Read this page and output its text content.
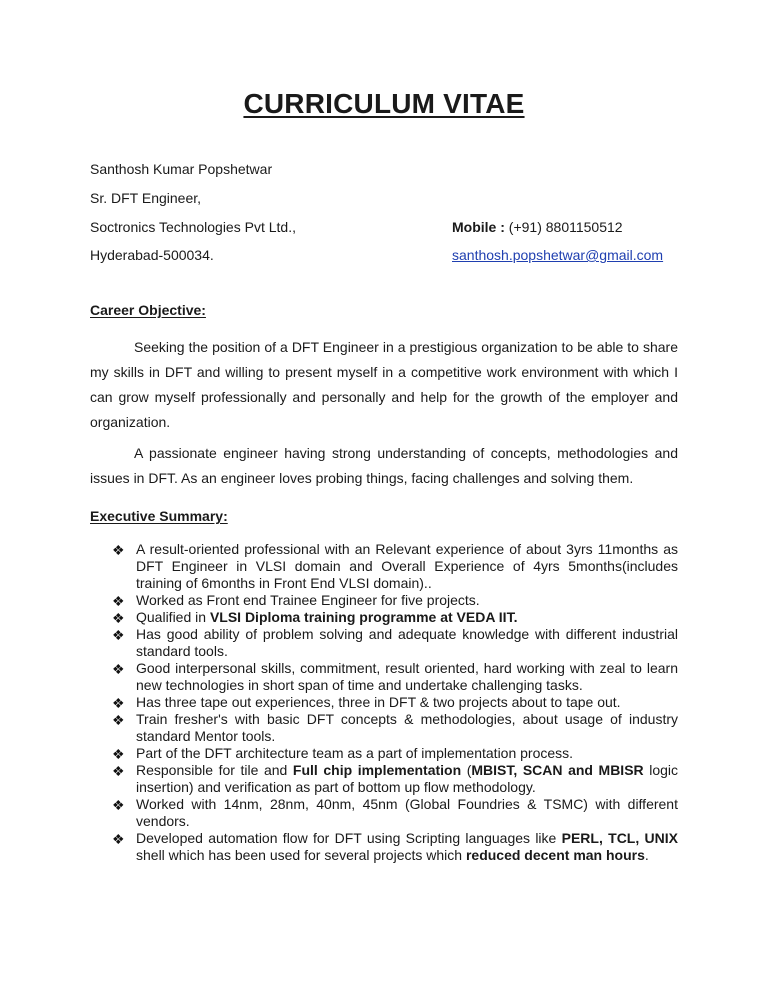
CURRICULUM VITAE
Santhosh Kumar Popshetwar
Sr. DFT Engineer,
Soctronics Technologies Pvt Ltd.,
Hyderabad-500034.
Mobile : (+91) 8801150512
santhosh.popshetwar@gmail.com
Career Objective:

Seeking the position of a DFT Engineer in a prestigious organization to be able to share my skills in DFT and willing to present myself in a competitive work environment with which I can grow myself professionally and personally and help for the growth of the employer and organization.

A passionate engineer having strong understanding of concepts, methodologies and issues in DFT. As an engineer loves probing things, facing challenges and solving them.

Executive Summary:
❖ A result-oriented professional with an Relevant experience of about 3yrs 11months as DFT Engineer in VLSI domain and Overall Experience of 4yrs 5months(includes training of 6months in Front End VLSI domain)..
❖ Worked as Front end Trainee Engineer for five projects.
❖ Qualified in VLSI Diploma training programme at VEDA IIT.
❖ Has good ability of problem solving and adequate knowledge with different industrial standard tools.
❖ Good interpersonal skills, commitment, result oriented, hard working with zeal to learn new technologies in short span of time and undertake challenging tasks.
❖ Has three tape out experiences, three in DFT & two projects about to tape out.
❖ Train fresher's with basic DFT concepts & methodologies, about usage of industry standard Mentor tools.
❖ Part of the DFT architecture team as a part of implementation process.
❖ Responsible for tile and Full chip implementation (MBIST, SCAN and MBISR logic insertion) and verification as part of bottom up flow methodology.
❖ Worked with 14nm, 28nm, 40nm, 45nm (Global Foundries & TSMC) with different vendors.
❖ Developed automation flow for DFT using Scripting languages like PERL, TCL, UNIX shell which has been used for several projects which reduced decent man hours.
